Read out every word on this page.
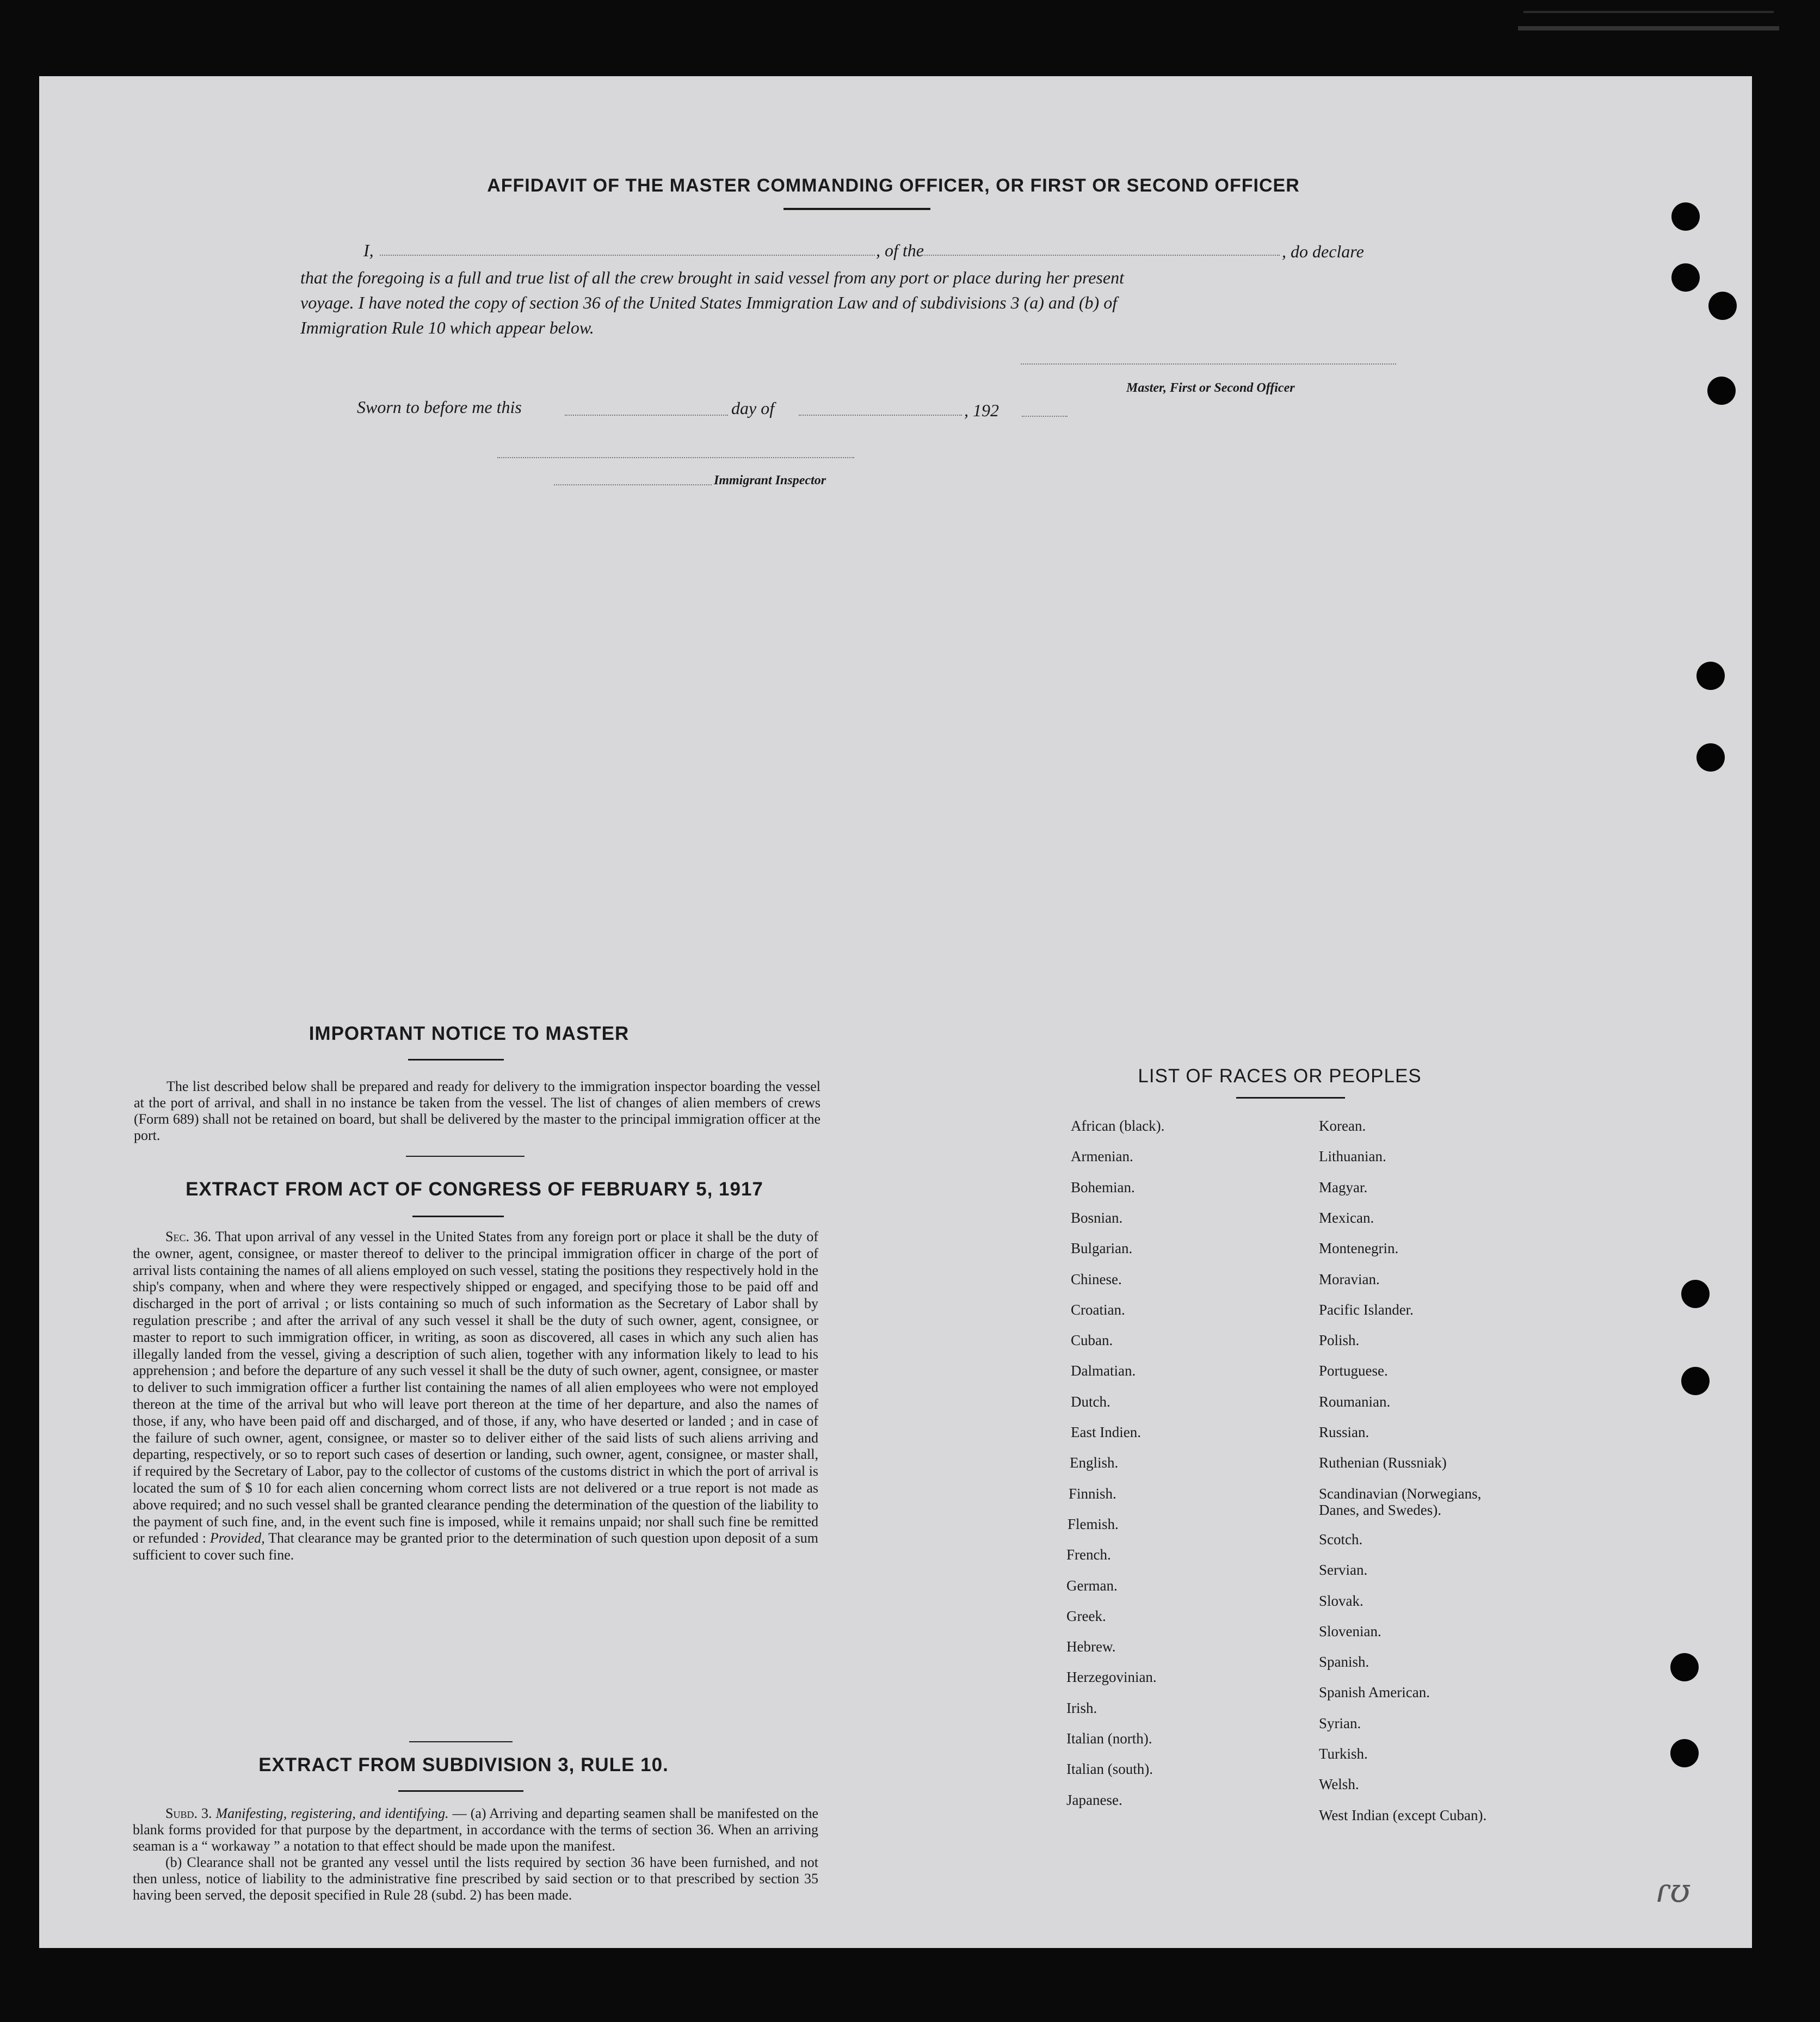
AFFIDAVIT OF THE MASTER COMMANDING OFFICER, OR FIRST OR SECOND OFFICER
I,	, of the	, do declare
that the foregoing is a full and true list of all the crew brought in said vessel from any port or place during her present
voyage. I have noted the copy of section 36 of the United States Immigration Law and of subdivisions 3 (a) and (b) of
Immigration Rule 10 which appear below.
Master, First or Second Officer
Sworn to before me this	day of	, 192
Immigrant Inspector
IMPORTANT NOTICE TO MASTER

The list described below shall be prepared and ready for delivery to the immigration inspector boarding the vessel at the port of arrival, and shall in no instance be taken from the vessel. The list of changes of alien members of crews (Form 689) shall not be retained on board, but shall be delivered by the master to the principal immigration officer at the port.

EXTRACT FROM ACT OF CONGRESS OF FEBRUARY 5, 1917

Sec. 36. That upon arrival of any vessel in the United States from any foreign port or place it shall be the duty of the owner, agent, consignee, or master thereof to deliver to the principal immigration officer in charge of the port of arrival lists containing the names of all aliens employed on such vessel, stating the positions they respectively hold in the ship's company, when and where they were respectively shipped or engaged, and specifying those to be paid off and discharged in the port of arrival ; or lists containing so much of such information as the Secretary of Labor shall by regulation prescribe ; and after the arrival of any such vessel it shall be the duty of such owner, agent, consignee, or master to report to such immigration officer, in writing, as soon as discovered, all cases in which any such alien has illegally landed from the vessel, giving a description of such alien, together with any information likely to lead to his apprehension ; and before the departure of any such vessel it shall be the duty of such owner, agent, consignee, or master to deliver to such immigration officer a further list containing the names of all alien employees who were not employed thereon at the time of the arrival but who will leave port thereon at the time of her departure, and also the names of those, if any, who have been paid off and discharged, and of those, if any, who have deserted or landed ; and in case of the failure of such owner, agent, consignee, or master so to deliver either of the said lists of such aliens arriving and departing, respectively, or so to report such cases of desertion or landing, such owner, agent, consignee, or master shall, if required by the Secretary of Labor, pay to the collector of customs of the customs district in which the port of arrival is located the sum of $ 10 for each alien concerning whom correct lists are not delivered or a true report is not made as above required; and no such vessel shall be granted clearance pending the determination of the question of the liability to the payment of such fine, and, in the event such fine is imposed, while it remains unpaid; nor shall such fine be remitted or refunded : Provided, That clearance may be granted prior to the determination of such question upon deposit of a sum sufficient to cover such fine.

EXTRACT FROM SUBDIVISION 3, RULE 10.

Subd. 3. Manifesting, registering, and identifying. — (a) Arriving and departing seamen shall be manifested on the blank forms provided for that purpose by the department, in accordance with the terms of section 36. When an arriving seaman is a “ workaway ” a notation to that effect should be made upon the manifest.

(b) Clearance shall not be granted any vessel until the lists required by section 36 have been furnished, and not then unless, notice of liability to the administrative fine prescribed by said section or to that prescribed by section 35 having been served, the deposit specified in Rule 28 (subd. 2) has been made.

LIST OF RACES OR PEOPLES
African (black).
Armenian.
Bohemian.
Bosnian.
Bulgarian.
Chinese.
Croatian.
Cuban.
Dalmatian.
Dutch.
East Indien.
English.
Finnish.
Flemish.
French.
German.
Greek.
Hebrew.
Herzegovinian.
Irish.
Italian (north).
Italian (south).
Japanese.
Korean.
Lithuanian.
Magyar.
Mexican.
Montenegrin.
Moravian.
Pacific Islander.
Polish.
Portuguese.
Roumanian.
Russian.
Ruthenian (Russniak)
Scandinavian (Norwegians, Danes, and Swedes).
Scotch.
Servian.
Slovak.
Slovenian.
Spanish.
Spanish American.
Syrian.
Turkish.
Welsh.
West Indian (except Cuban).
ɾʊ
